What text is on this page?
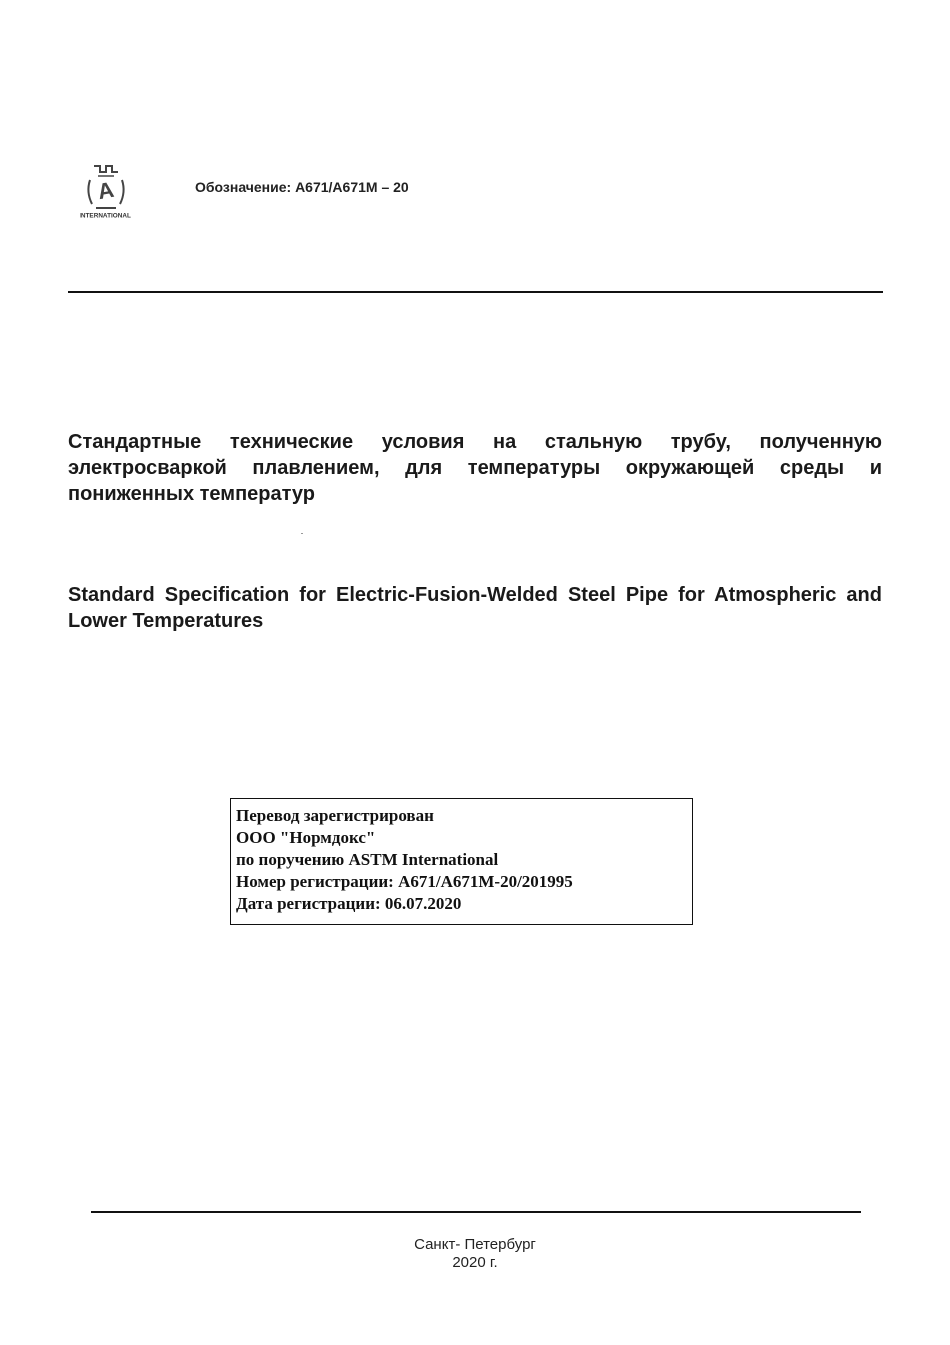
A
INTERNATIONAL
Обозначение: A671/A671M – 20
Стандартные технические условия на стальную трубу, полученную электросваркой плавлением, для температуры окружающей среды и пониженных температур
Standard Specification for Electric-Fusion-Welded Steel Pipe for Atmospheric and Lower Temperatures
Перевод зарегистрирован
ООО "Нормдокс"
по поручению ASTM International
Номер регистрации: A671/A671M-20/201995
Дата регистрации: 06.07.2020
Санкт- Петербург
2020 г.
